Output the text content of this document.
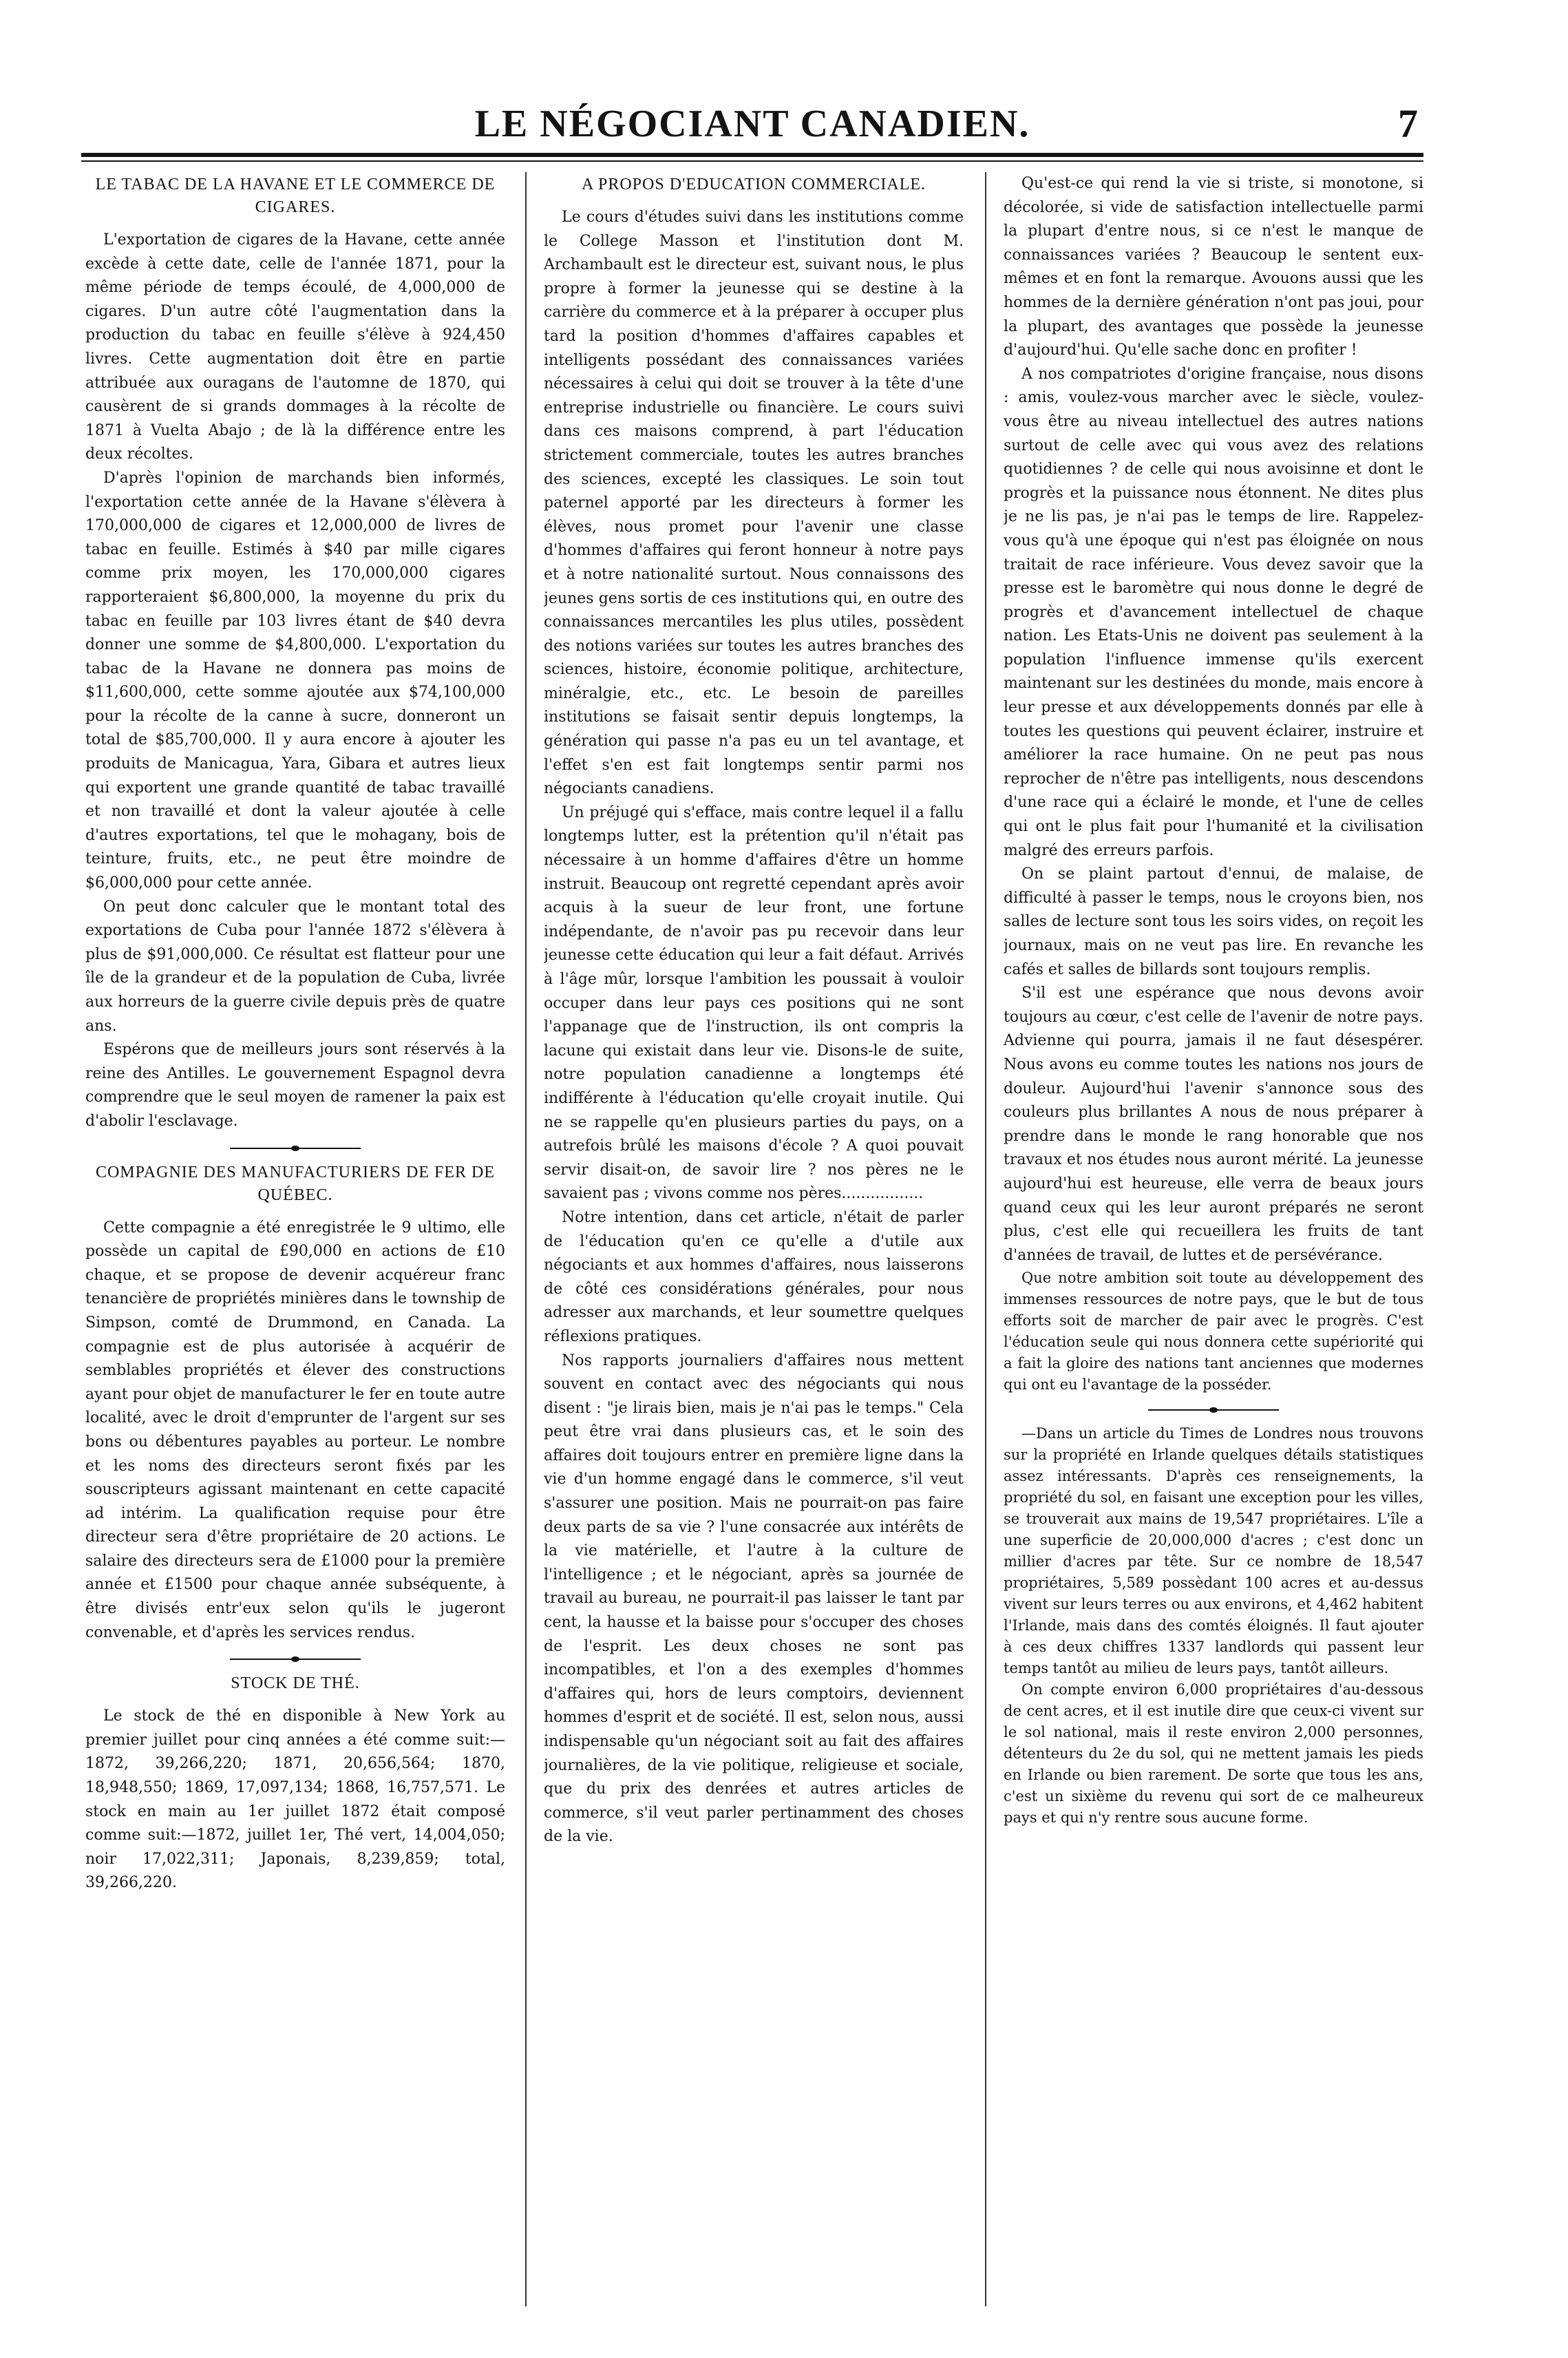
LE NÉGOCIANT CANADIEN.	7
LE TABAC DE LA HAVANE ET LE COMMERCE DE CIGARES.

L'exportation de cigares de la Havane, cette année excède à cette date, celle de l'année 1871, pour la même période de temps écoulé, de 4,000,000 de cigares. D'un autre côté l'augmentation dans la production du tabac en feuille s'élève à 924,450 livres. Cette augmentation doit être en partie attribuée aux ouragans de l'automne de 1870, qui causèrent de si grands dommages à la récolte de 1871 à Vuelta Abajo ; de là la différence entre les deux récoltes.

D'après l'opinion de marchands bien informés, l'exportation cette année de la Havane s'élèvera à 170,000,000 de cigares et 12,000,000 de livres de tabac en feuille. Estimés à $40 par mille cigares comme prix moyen, les 170,000,000 cigares rapporteraient $6,800,000, la moyenne du prix du tabac en feuille par 103 livres étant de $40 devra donner une somme de $4,800,000. L'exportation du tabac de la Havane ne donnera pas moins de $11,600,000, cette somme ajoutée aux $74,100,000 pour la récolte de la canne à sucre, donneront un total de $85,700,000. Il y aura encore à ajouter les produits de Manicagua, Yara, Gibara et autres lieux qui exportent une grande quantité de tabac travaillé et non travaillé et dont la valeur ajoutée à celle d'autres exportations, tel que le mohagany, bois de teinture, fruits, etc., ne peut être moindre de $6,000,000 pour cette année.

On peut donc calculer que le montant total des exportations de Cuba pour l'année 1872 s'élèvera à plus de $91,000,000. Ce résultat est flatteur pour une île de la grandeur et de la population de Cuba, livrée aux horreurs de la guerre civile depuis près de quatre ans.

Espérons que de meilleurs jours sont réservés à la reine des Antilles. Le gouvernement Espagnol devra comprendre que le seul moyen de ramener la paix est d'abolir l'esclavage.

COMPAGNIE DES MANUFACTURIERS DE FER DE QUÉBEC.

Cette compagnie a été enregistrée le 9 ultimo, elle possède un capital de £90,000 en actions de £10 chaque, et se propose de devenir acquéreur franc tenancière de propriétés minières dans le township de Simpson, comté de Drummond, en Canada. La compagnie est de plus autorisée à acquérir de semblables propriétés et élever des constructions ayant pour objet de manufacturer le fer en toute autre localité, avec le droit d'emprunter de l'argent sur ses bons ou débentures payables au porteur. Le nombre et les noms des directeurs seront fixés par les souscripteurs agissant maintenant en cette capacité ad intérim. La qualification requise pour être directeur sera d'être propriétaire de 20 actions. Le salaire des directeurs sera de £1000 pour la première année et £1500 pour chaque année subséquente, à être divisés entr'eux selon qu'ils le jugeront convenable, et d'après les services rendus.

STOCK DE THÉ.

Le stock de thé en disponible à New York au premier juillet pour cinq années a été comme suit:—1872, 39,266,220; 1871, 20,656,564; 1870, 18,948,550; 1869, 17,097,134; 1868, 16,757,571. Le stock en main au 1er juillet 1872 était composé comme suit:—1872, juillet 1er, Thé vert, 14,004,050; noir 17,022,311; Japonais, 8,239,859; total, 39,266,220.

A PROPOS D'EDUCATION COMMERCIALE.

Le cours d'études suivi dans les institutions comme le College Masson et l'institution dont M. Archambault est le directeur est, suivant nous, le plus propre à former la jeunesse qui se destine à la carrière du commerce et à la préparer à occuper plus tard la position d'hommes d'affaires capables et intelligents possédant des connaissances variées nécessaires à celui qui doit se trouver à la tête d'une entreprise industrielle ou financière. Le cours suivi dans ces maisons comprend, à part l'éducation strictement commerciale, toutes les autres branches des sciences, excepté les classiques. Le soin tout paternel apporté par les directeurs à former les élèves, nous promet pour l'avenir une classe d'hommes d'affaires qui feront honneur à notre pays et à notre nationalité surtout. Nous connaissons des jeunes gens sortis de ces institutions qui, en outre des connaissances mercantiles les plus utiles, possèdent des notions variées sur toutes les autres branches des sciences, histoire, économie politique, architecture, minéralgie, etc., etc. Le besoin de pareilles institutions se faisait sentir depuis longtemps, la génération qui passe n'a pas eu un tel avantage, et l'effet s'en est fait longtemps sentir parmi nos négociants canadiens.

Un préjugé qui s'efface, mais contre lequel il a fallu longtemps lutter, est la prétention qu'il n'était pas nécessaire à un homme d'affaires d'être un homme instruit. Beaucoup ont regretté cependant après avoir acquis à la sueur de leur front, une fortune indépendante, de n'avoir pas pu recevoir dans leur jeunesse cette éducation qui leur a fait défaut. Arrivés à l'âge mûr, lorsque l'ambition les poussait à vouloir occuper dans leur pays ces positions qui ne sont l'appanage que de l'instruction, ils ont compris la lacune qui existait dans leur vie. Disons-le de suite, notre population canadienne a longtemps été indifférente à l'éducation qu'elle croyait inutile. Qui ne se rappelle qu'en plusieurs parties du pays, on a autrefois brûlé les maisons d'école ? A quoi pouvait servir disait-on, de savoir lire ? nos pères ne le savaient pas ; vivons comme nos pères.................

Notre intention, dans cet article, n'était de parler de l'éducation qu'en ce qu'elle a d'utile aux négociants et aux hommes d'affaires, nous laisserons de côté ces considérations générales, pour nous adresser aux marchands, et leur soumettre quelques réflexions pratiques.

Nos rapports journaliers d'affaires nous mettent souvent en contact avec des négociants qui nous disent : "je lirais bien, mais je n'ai pas le temps." Cela peut être vrai dans plusieurs cas, et le soin des affaires doit toujours entrer en première ligne dans la vie d'un homme engagé dans le commerce, s'il veut s'assurer une position. Mais ne pourrait-on pas faire deux parts de sa vie ? l'une consacrée aux intérêts de la vie matérielle, et l'autre à la culture de l'intelligence ; et le négociant, après sa journée de travail au bureau, ne pourrait-il pas laisser le tant par cent, la hausse et la baisse pour s'occuper des choses de l'esprit. Les deux choses ne sont pas incompatibles, et l'on a des exemples d'hommes d'affaires qui, hors de leurs comptoirs, deviennent hommes d'esprit et de société. Il est, selon nous, aussi indispensable qu'un négociant soit au fait des affaires journalières, de la vie politique, religieuse et sociale, que du prix des denrées et autres articles de commerce, s'il veut parler pertinamment des choses de la vie.

Qu'est-ce qui rend la vie si triste, si monotone, si décolorée, si vide de satisfaction intellectuelle parmi la plupart d'entre nous, si ce n'est le manque de connaissances variées ? Beaucoup le sentent eux-mêmes et en font la remarque. Avouons aussi que les hommes de la dernière génération n'ont pas joui, pour la plupart, des avantages que possède la jeunesse d'aujourd'hui. Qu'elle sache donc en profiter !

A nos compatriotes d'origine française, nous disons : amis, voulez-vous marcher avec le siècle, voulez-vous être au niveau intellectuel des autres nations surtout de celle avec qui vous avez des relations quotidiennes ? de celle qui nous avoisinne et dont le progrès et la puissance nous étonnent. Ne dites plus je ne lis pas, je n'ai pas le temps de lire. Rappelez-vous qu'à une époque qui n'est pas éloignée on nous traitait de race inférieure. Vous devez savoir que la presse est le baromètre qui nous donne le degré de progrès et d'avancement intellectuel de chaque nation. Les Etats-Unis ne doivent pas seulement à la population l'influence immense qu'ils exercent maintenant sur les destinées du monde, mais encore à leur presse et aux développements donnés par elle à toutes les questions qui peuvent éclairer, instruire et améliorer la race humaine. On ne peut pas nous reprocher de n'être pas intelligents, nous descendons d'une race qui a éclairé le monde, et l'une de celles qui ont le plus fait pour l'humanité et la civilisation malgré des erreurs parfois.

On se plaint partout d'ennui, de malaise, de difficulté à passer le temps, nous le croyons bien, nos salles de lecture sont tous les soirs vides, on reçoit les journaux, mais on ne veut pas lire. En revanche les cafés et salles de billards sont toujours remplis.

S'il est une espérance que nous devons avoir toujours au cœur, c'est celle de l'avenir de notre pays. Advienne qui pourra, jamais il ne faut désespérer. Nous avons eu comme toutes les nations nos jours de douleur. Aujourd'hui l'avenir s'annonce sous des couleurs plus brillantes A nous de nous préparer à prendre dans le monde le rang honorable que nos travaux et nos études nous auront mérité. La jeunesse aujourd'hui est heureuse, elle verra de beaux jours quand ceux qui les leur auront préparés ne seront plus, c'est elle qui recueillera les fruits de tant d'années de travail, de luttes et de persévérance.

Que notre ambition soit toute au développement des immenses ressources de notre pays, que le but de tous efforts soit de marcher de pair avec le progrès. C'est l'éducation seule qui nous donnera cette supériorité qui a fait la gloire des nations tant anciennes que modernes qui ont eu l'avantage de la posséder.

—Dans un article du Times de Londres nous trouvons sur la propriété en Irlande quelques détails statistiques assez intéressants. D'après ces renseignements, la propriété du sol, en faisant une exception pour les villes, se trouverait aux mains de 19,547 propriétaires. L'île a une superficie de 20,000,000 d'acres ; c'est donc un millier d'acres par tête. Sur ce nombre de 18,547 propriétaires, 5,589 possèdant 100 acres et au-dessus vivent sur leurs terres ou aux environs, et 4,462 habitent l'Irlande, mais dans des comtés éloignés. Il faut ajouter à ces deux chiffres 1337 landlords qui passent leur temps tantôt au milieu de leurs pays, tantôt ailleurs.

On compte environ 6,000 propriétaires d'au-dessous de cent acres, et il est inutile dire que ceux-ci vivent sur le sol national, mais il reste environ 2,000 personnes, détenteurs du 2e du sol, qui ne mettent jamais les pieds en Irlande ou bien rarement. De sorte que tous les ans, c'est un sixième du revenu qui sort de ce malheureux pays et qui n'y rentre sous aucune forme.
